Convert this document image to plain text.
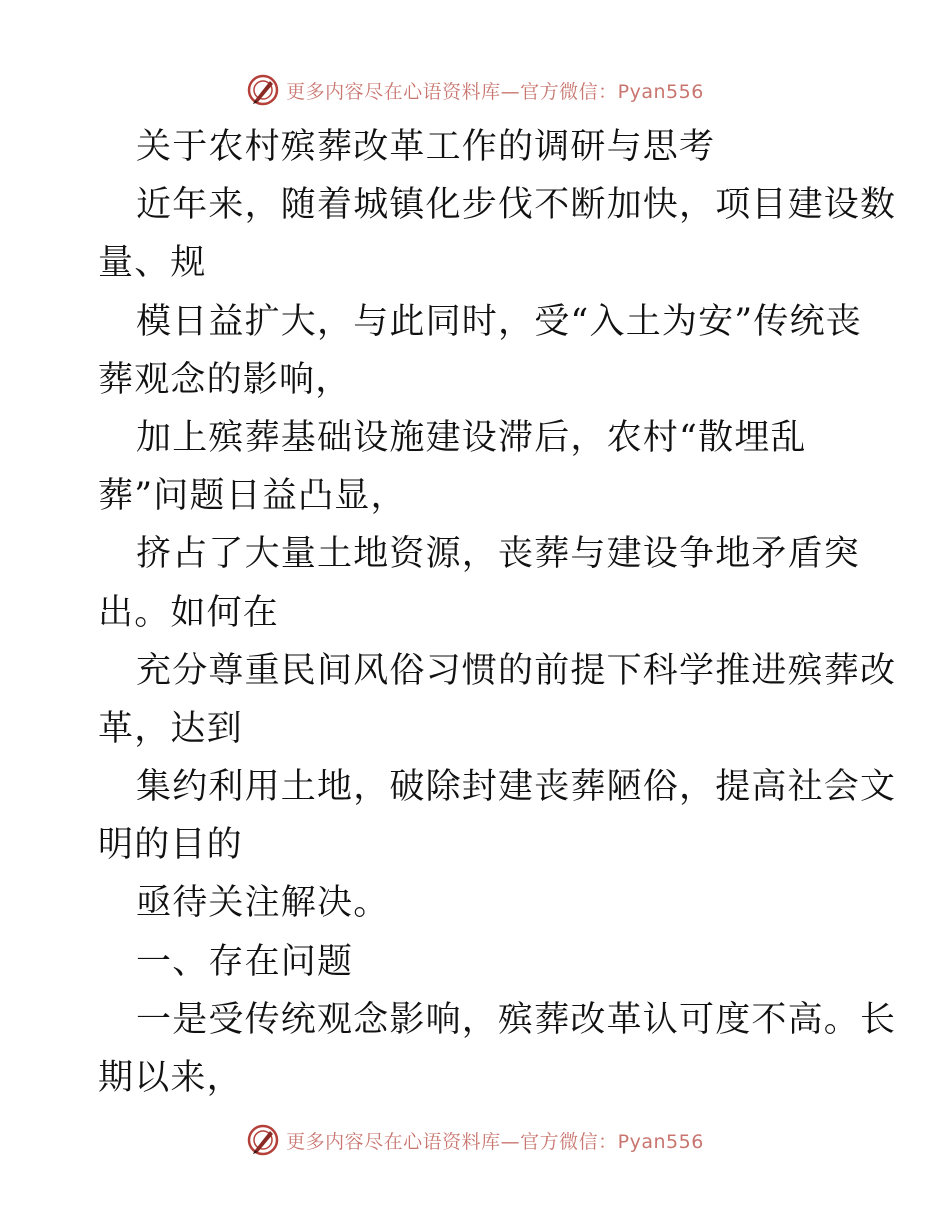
更多内容尽在心语资料库—官方微信：Pyan556
关于农村殡葬改革工作的调研与思考
近年来，随着城镇化步伐不断加快，项目建设数
量、规
模日益扩大，与此同时，受“入土为安”传统丧
葬观念的影响，
加上殡葬基础设施建设滞后，农村“散埋乱
葬”问题日益凸显，
挤占了大量土地资源，丧葬与建设争地矛盾突
出。如何在
充分尊重民间风俗习惯的前提下科学推进殡葬改
革，达到
集约利用土地，破除封建丧葬陋俗，提高社会文
明的目的
亟待关注解决。
一、存在问题
一是受传统观念影响，殡葬改革认可度不高。长
期以来，
更多内容尽在心语资料库—官方微信：Pyan556
